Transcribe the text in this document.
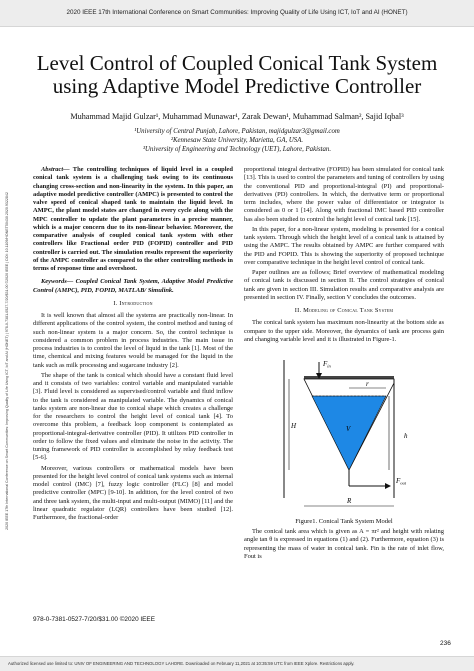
2020 IEEE 17th International Conference on Smart Communities: Improving Quality of Life Using ICT, IoT and AI (HONET)
2020 IEEE 17th International Conference on Smart Communities: Improving Quality of Life Using ICT, IoT and AI (HONET) | 978-0-7381-0527-7/20/$31.00 ©2020 IEEE | DOI: 10.1109/HONET50430.2020.9322842
Level Control of Coupled Conical Tank System
using Adaptive Model Predictive Controller
Muhammad Majid Gulzar¹, Muhammad Munawar¹, Zarak Dewan¹, Muhammad Salman², Sajid Iqbal³
¹University of Central Punjab, Lahore, Pakistan, majidgulzar3@gmail.com
²Kennesaw State University, Marietta, GA, USA.
³University of Engineering and Technology (UET), Lahore, Pakistan.

Abstract— The controlling techniques of liquid level in a coupled conical tank system is a challenging task owing to its continuous changing cross-section and non-linearity in the system. In this paper, an adaptive model predictive controller (AMPC) is presented to control the valve speed of conical shaped tank to maintain the liquid level. In AMPC, the plant model states are changed in every cycle along with the MPC controller to update the plant parameters in a precise manner, which is a major concern due to its non-linear behavior. Moreover, the comparative analysis of coupled conical tank system with other controllers like Fractional order PID (FOPID) controller and PID controller is carried out. The simulation results represent the superiority of the AMPC controller as compared to the other controlling methods in terms of response time and overshoot.

Keywords— Coupled Conical Tank System, Adaptive Model Predictive Control (AMPC), PID, FOPID, MATLAB/ Simulink.

I. Introduction

It is well known that almost all the systems are practically non-linear. In different applications of the control system, the control method and tuning of such non-linear system is a major concern. So, the control technique is considered a common problem in process industries. The main issue in process industries is to control the level of liquid in the tank [1]. Most of the time, chemical and mixing features would be managed for the liquid in the tank such as milk processing and sugarcane industry [2].

The shape of the tank is conical which should have a constant fluid level and it consists of two variables: control variable and manipulated variable [3]. Fluid level is considered as supervised/control variable and fluid inflow to the tank is considered as manipulated variable. The dynamics of conical tanks system are non-linear due to conical shape which creates a challenge for the researchers to control the height level of conical tank [4]. To overcome this problem, a feedback loop component is contemplated as proportional-integral-derivative controller (PID). It utilizes PID controller in order to follow the fixed values and eliminate the noise in the activity. The tuning framework of PID controller is accomplished by relay feedback test [5-6].

Moreover, various controllers or mathematical models have been presented for the height level control of conical tank systems such as internal model control (IMC) [7], fuzzy logic controller (FLC) [8] and model predictive controller (MPC) [9-10]. In addition, for the level control of two and three tank system, the multi-input and multi-output (MIMO) [11] and the linear quadratic regulator (LQR) controllers have been studied [12]. Furthermore, the fractional-order

proportional integral derivative (FOPID) has been simulated for conical tank [13]. This is used to control the parameters and tuning of controllers by using the conventional PID and proportional-integral (PI) and proportional-derivatives (PD) controllers. In which, the derivative term or proportional term includes, where the power value of differentiator or integrator is considered as 0 or 1 [14]. Along with fractional IMC based PID controller has also been studied to control the height level of conical tank [15].

In this paper, for a non-linear system, modeling is presented for a conical tank system. Through which the height level of a conical tank is attained by using the AMPC. The results obtained by AMPC are further compared with the PID and FOPID. This is showing the superiority of proposed technique over comparative technique in the height level control of conical tank.

Paper outlines are as follows; Brief overview of mathematical modeling of conical tank is discussed in section II. The control strategies of conical tank are given in section III. Simulation results and comparative analysis are presented in section IV. Finally, section V concludes the outcomes.

II. Modeling of Conical Tank System

The conical tank system has maximum non-linearity at the bottom side as compare to the upper side. Moreover, the dynamics of tank are process gain and changing variable level and it is illustrated in Figure-1.

$F_{in}$
H	V
h
r
R
$F_{out}$
Figure1. Conical Tank System Model

The conical tank area which is given as A = πr² and height with relating angle tan θ is expressed in equations (1) and (2). Furthermore, equation (3) is representing the mass of water in conical tank. Fin is the rate of inlet flow, Fout is

978-0-7381-0527-7/20/$31.00 ©2020 IEEE
236
Authorized licensed use limited to: UNIV OF ENGINEERING AND TECHNOLOGY LAHORE. Downloaded on February 11,2021 at 10:35:59 UTC from IEEE Xplore. Restrictions apply.
